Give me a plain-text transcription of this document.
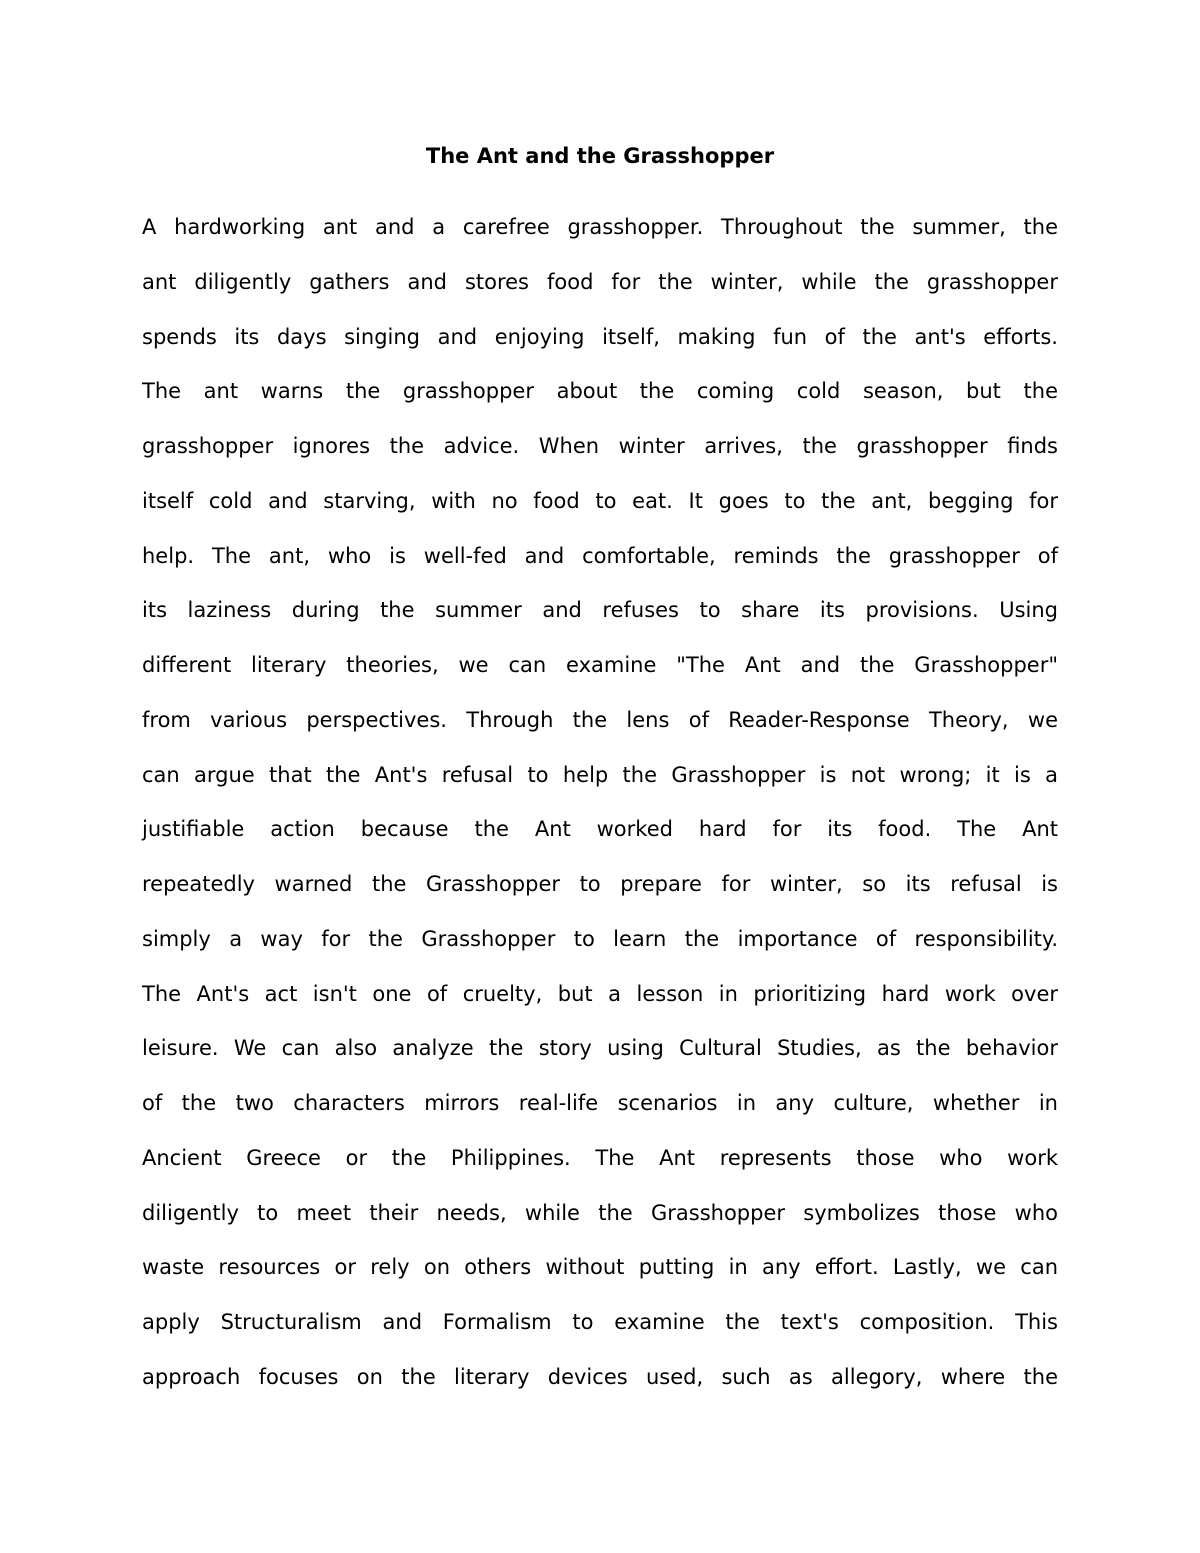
The Ant and the Grasshopper
A hardworking ant and a carefree grasshopper. Throughout the summer, the
ant diligently gathers and stores food for the winter, while the grasshopper
spends its days singing and enjoying itself, making fun of the ant's efforts.
The ant warns the grasshopper about the coming cold season, but the
grasshopper ignores the advice. When winter arrives, the grasshopper finds
itself cold and starving, with no food to eat. It goes to the ant, begging for
help. The ant, who is well-fed and comfortable, reminds the grasshopper of
its laziness during the summer and refuses to share its provisions. Using
different literary theories, we can examine "The Ant and the Grasshopper"
from various perspectives. Through the lens of Reader-Response Theory, we
can argue that the Ant's refusal to help the Grasshopper is not wrong; it is a
justifiable action because the Ant worked hard for its food. The Ant
repeatedly warned the Grasshopper to prepare for winter, so its refusal is
simply a way for the Grasshopper to learn the importance of responsibility.
The Ant's act isn't one of cruelty, but a lesson in prioritizing hard work over
leisure. We can also analyze the story using Cultural Studies, as the behavior
of the two characters mirrors real-life scenarios in any culture, whether in
Ancient Greece or the Philippines. The Ant represents those who work
diligently to meet their needs, while the Grasshopper symbolizes those who
waste resources or rely on others without putting in any effort. Lastly, we can
apply Structuralism and Formalism to examine the text's composition. This
approach focuses on the literary devices used, such as allegory, where the
